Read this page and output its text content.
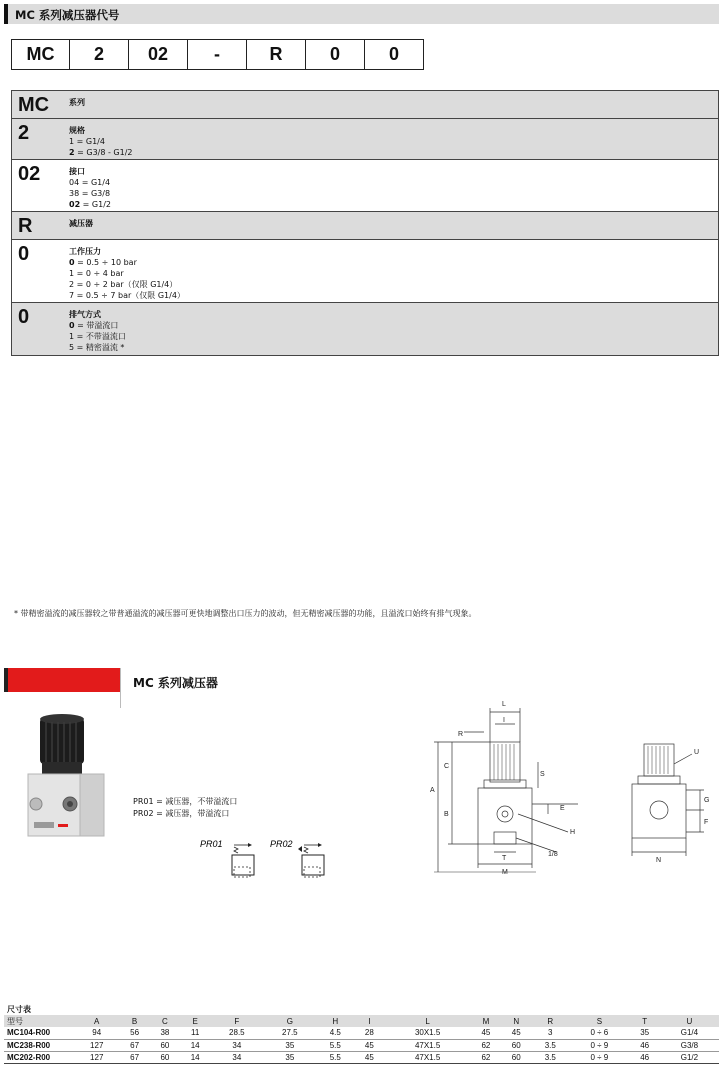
MC 系列减压器代号
MC	2	02	-	R	0	0
MC 系列
2	规格
1 = G1/4
2 = G3/8 - G1/2
02	接口
04 = G1/4
38 = G3/8
02 = G1/2
R	减压器
0	工作压力
0 = 0.5 ÷ 10 bar
1 = 0 ÷ 4 bar
2 = 0 ÷ 2 bar（仅限 G1/4）
7 = 0.5 ÷ 7 bar（仅限 G1/4）
0	排气方式
0 = 带溢流口
1 = 不带溢流口
5 = 精密溢流 *
* 带精密溢流的减压器较之带普通溢流的减压器可更快地调整出口压力的波动，但无精密减压器的功能，且溢流口始终有排气现象。
MC 系列减压器
PR01 = 减压器，不带溢流口
PR02 = 减压器，带溢流口
PR01	PR02
L
I
R
C
A
B
S
E
H
1/8
T
M
U
G
F
N
尺寸表
型号	A	B	C	E	F	G	H	I	L	M	N	R	S	T	U
MC104-R00	94	56	38	11	28.5	27.5	4.5	28	30X1.5	45	45	3	0 ÷ 6	35	G1/4
MC238-R00	127	67	60	14	34	35	5.5	45	47X1.5	62	60	3.5	0 ÷ 9	46	G3/8
MC202-R00	127	67	60	14	34	35	5.5	45	47X1.5	62	60	3.5	0 ÷ 9	46	G1/2
